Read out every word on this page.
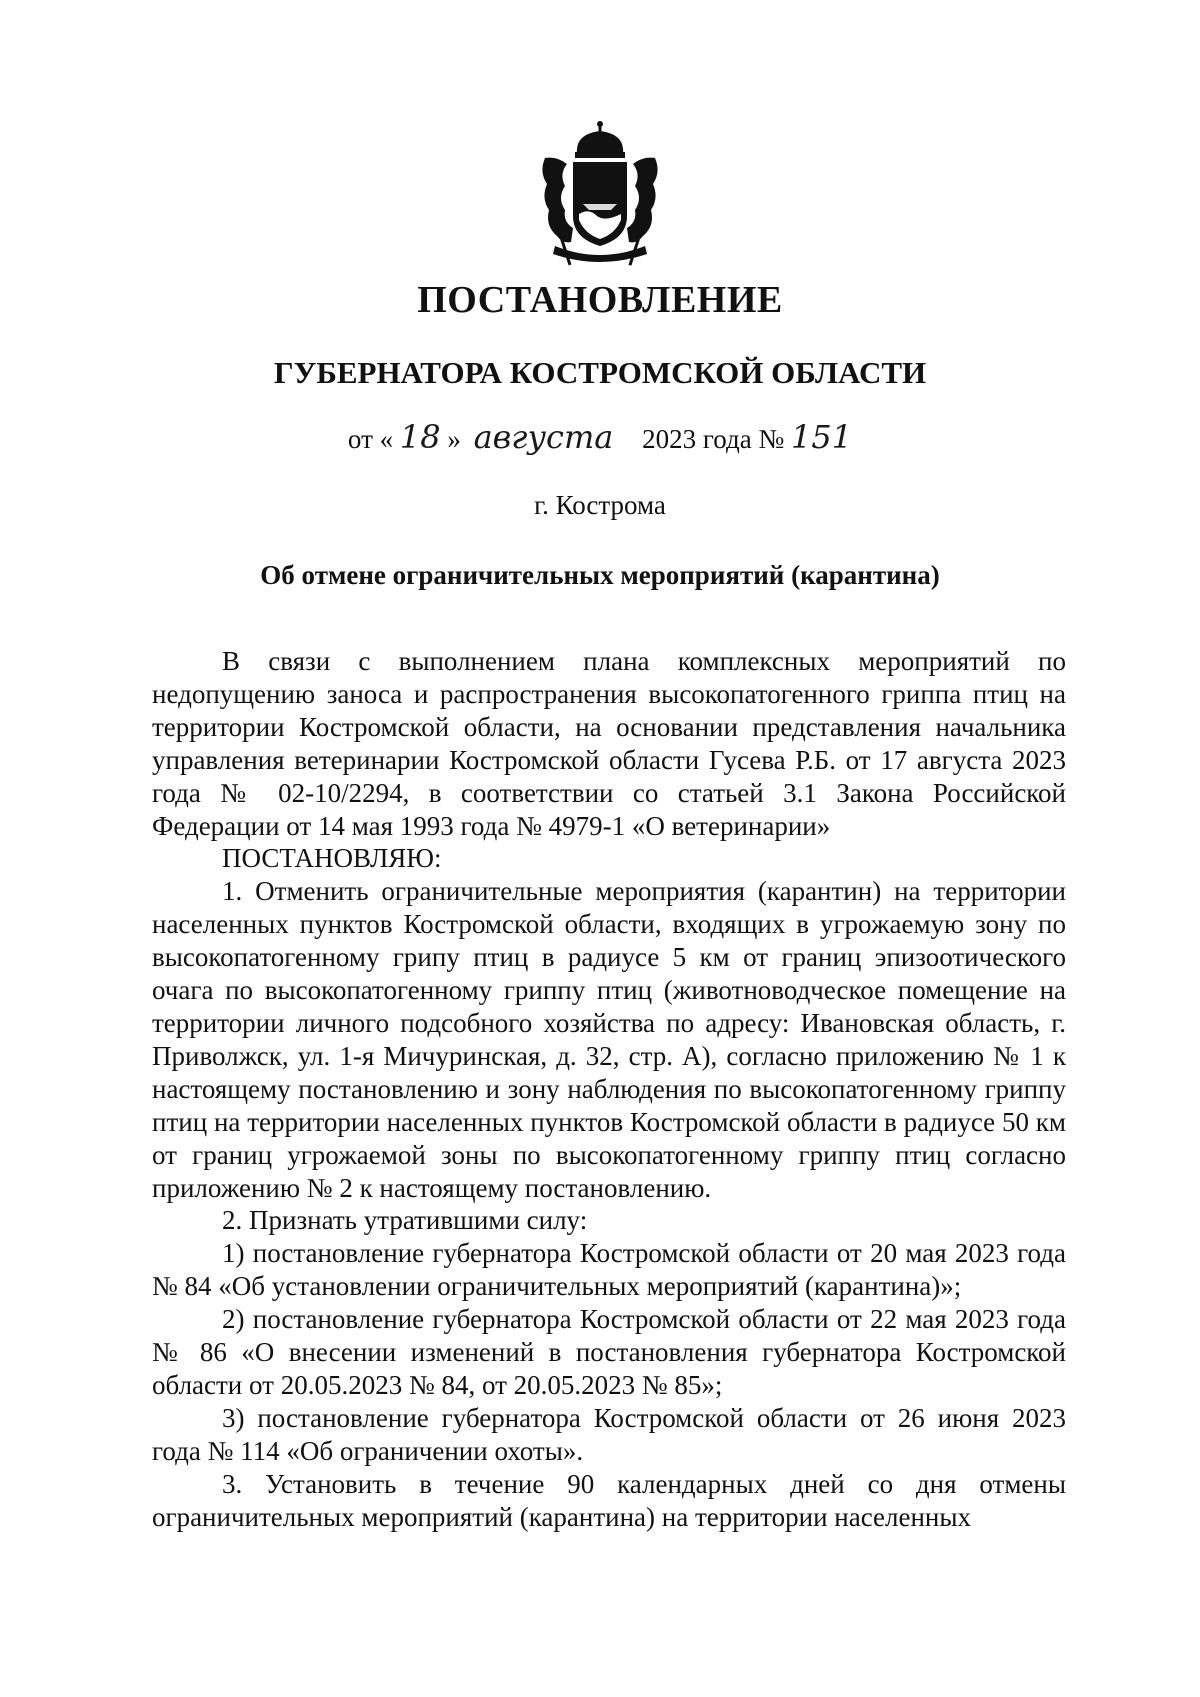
ПОСТАНОВЛЕНИЕ
ГУБЕРНАТОРА КОСТРОМСКОЙ ОБЛАСТИ
от « 18 » августа 2023 года № 151
г. Кострома
Об отмене ограничительных мероприятий (карантина)

В связи с выполнением плана комплексных мероприятий по недопущению заноса и распространения высокопатогенного гриппа птиц на территории Костромской области, на основании представления начальника управления ветеринарии Костромской области Гусева Р.Б. от 17 августа 2023 года № 02-10/2294, в соответствии со статьей 3.1 Закона Российской Федерации от 14 мая 1993 года № 4979-1 «О ветеринарии»

ПОСТАНОВЛЯЮ:

1. Отменить ограничительные мероприятия (карантин) на территории населенных пунктов Костромской области, входящих в угрожаемую зону по высокопатогенному грипу птиц в радиусе 5 км от границ эпизоотического очага по высокопатогенному гриппу птиц (животноводческое помещение на территории личного подсобного хозяйства по адресу: Ивановская область, г. Приволжск, ул. 1-я Мичуринская, д. 32, стр. А), согласно приложению № 1 к настоящему постановлению и зону наблюдения по высокопатогенному гриппу птиц на территории населенных пунктов Костромской области в радиусе 50 км от границ угрожаемой зоны по высокопатогенному гриппу птиц согласно приложению № 2 к настоящему постановлению.

2. Признать утратившими силу:

1) постановление губернатора Костромской области от 20 мая 2023 года № 84 «Об установлении ограничительных мероприятий (карантина)»;

2) постановление губернатора Костромской области от 22 мая 2023 года № 86 «О внесении изменений в постановления губернатора Костромской области от 20.05.2023 № 84, от 20.05.2023 № 85»;

3) постановление губернатора Костромской области от 26 июня 2023 года № 114 «Об ограничении охоты».

3. Установить в течение 90 календарных дней со дня отмены ограничительных мероприятий (карантина) на территории населенных
